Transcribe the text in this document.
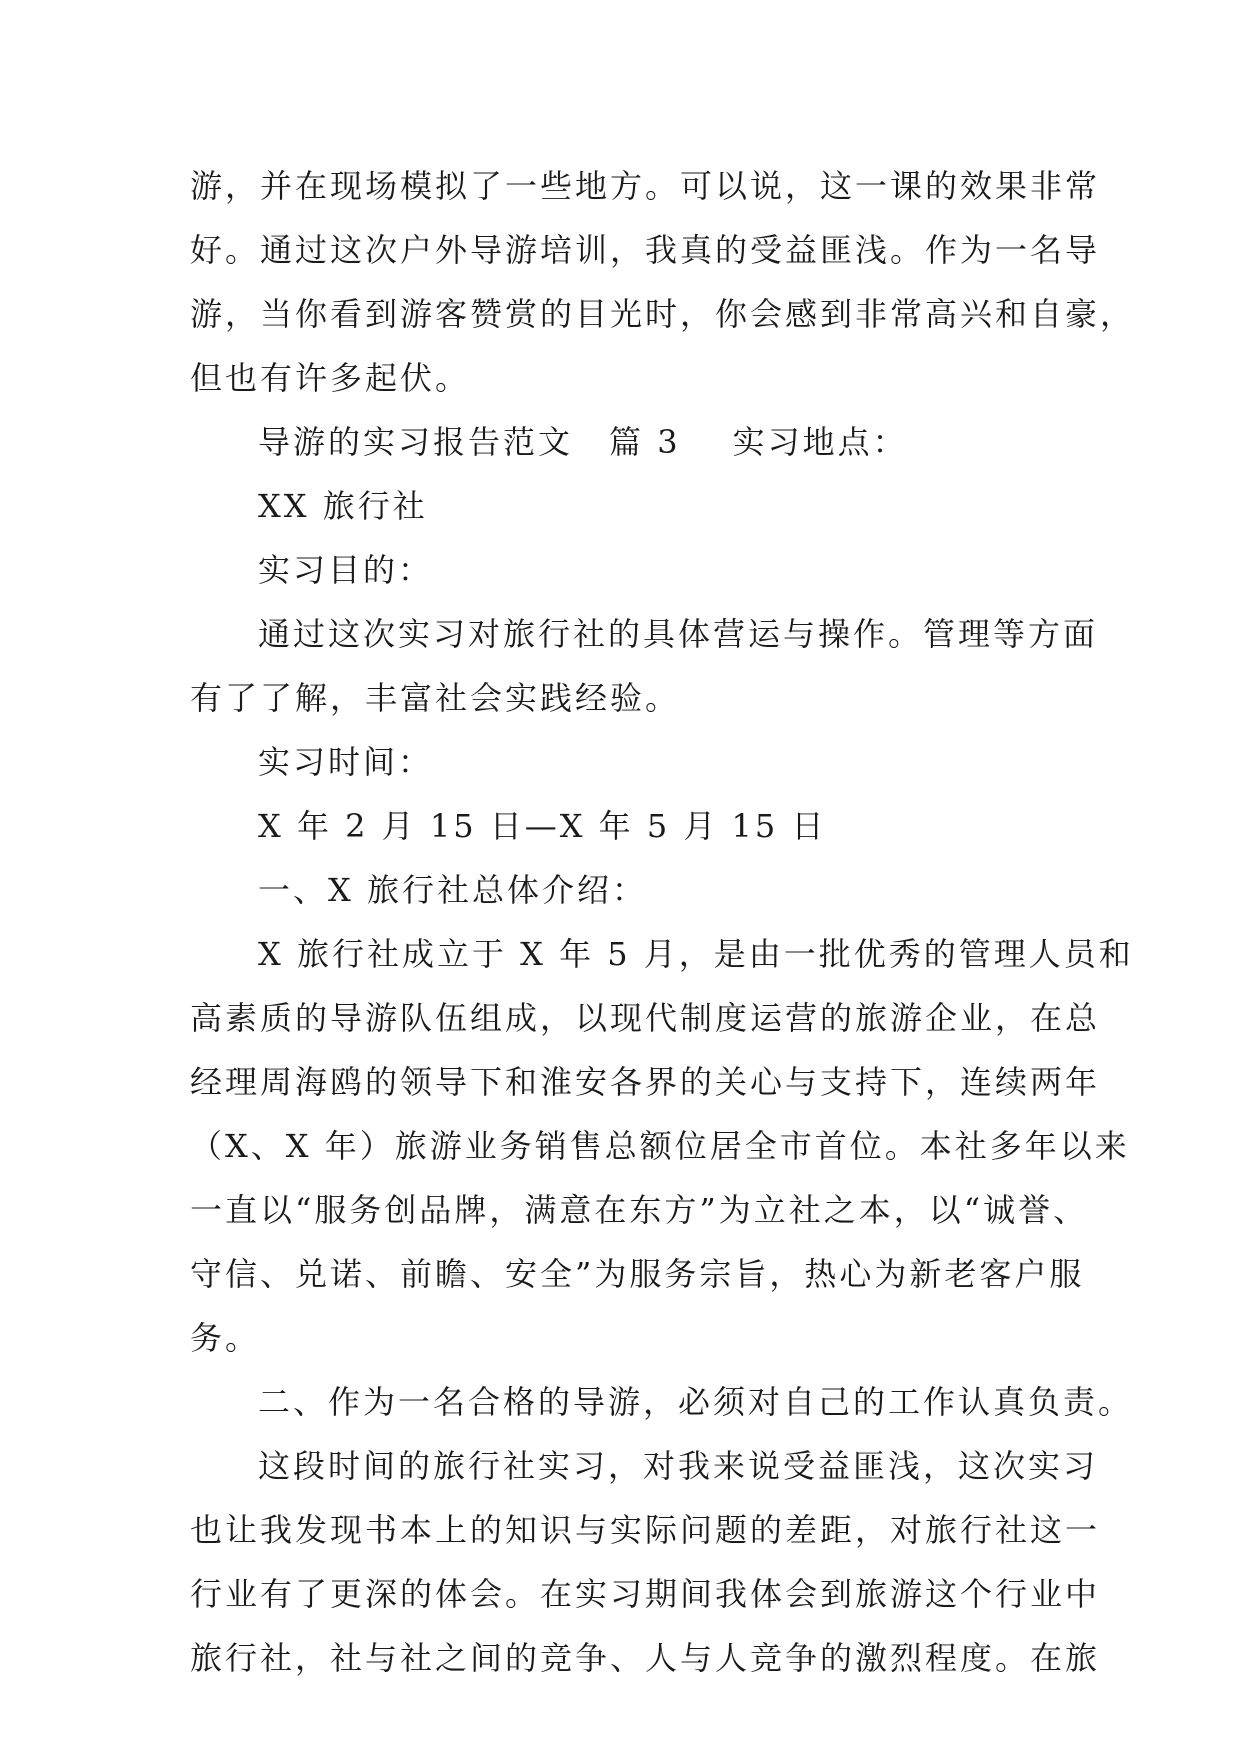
游，并在现场模拟了一些地方。可以说，这一课的效果非常
好。通过这次户外导游培训，我真的受益匪浅。作为一名导
游，当你看到游客赞赏的目光时，你会感到非常高兴和自豪，
但也有许多起伏。
导游的实习报告范文 篇 3 实习地点：
XX 旅行社
实习目的：
通过这次实习对旅行社的具体营运与操作。管理等方面
有了了解，丰富社会实践经验。
实习时间：
X 年 2 月 15 日—X 年 5 月 15 日
一、X 旅行社总体介绍：
X 旅行社成立于 X 年 5 月，是由一批优秀的管理人员和
高素质的导游队伍组成，以现代制度运营的旅游企业，在总
经理周海鸥的领导下和淮安各界的关心与支持下，连续两年
（X、X 年）旅游业务销售总额位居全市首位。本社多年以来
一直以“服务创品牌，满意在东方”为立社之本，以“诚誉、
守信、兑诺、前瞻、安全”为服务宗旨，热心为新老客户服
务。
二、作为一名合格的导游，必须对自己的工作认真负责。
这段时间的旅行社实习，对我来说受益匪浅，这次实习
也让我发现书本上的知识与实际问题的差距，对旅行社这一
行业有了更深的体会。在实习期间我体会到旅游这个行业中
旅行社，社与社之间的竞争、人与人竞争的激烈程度。在旅
